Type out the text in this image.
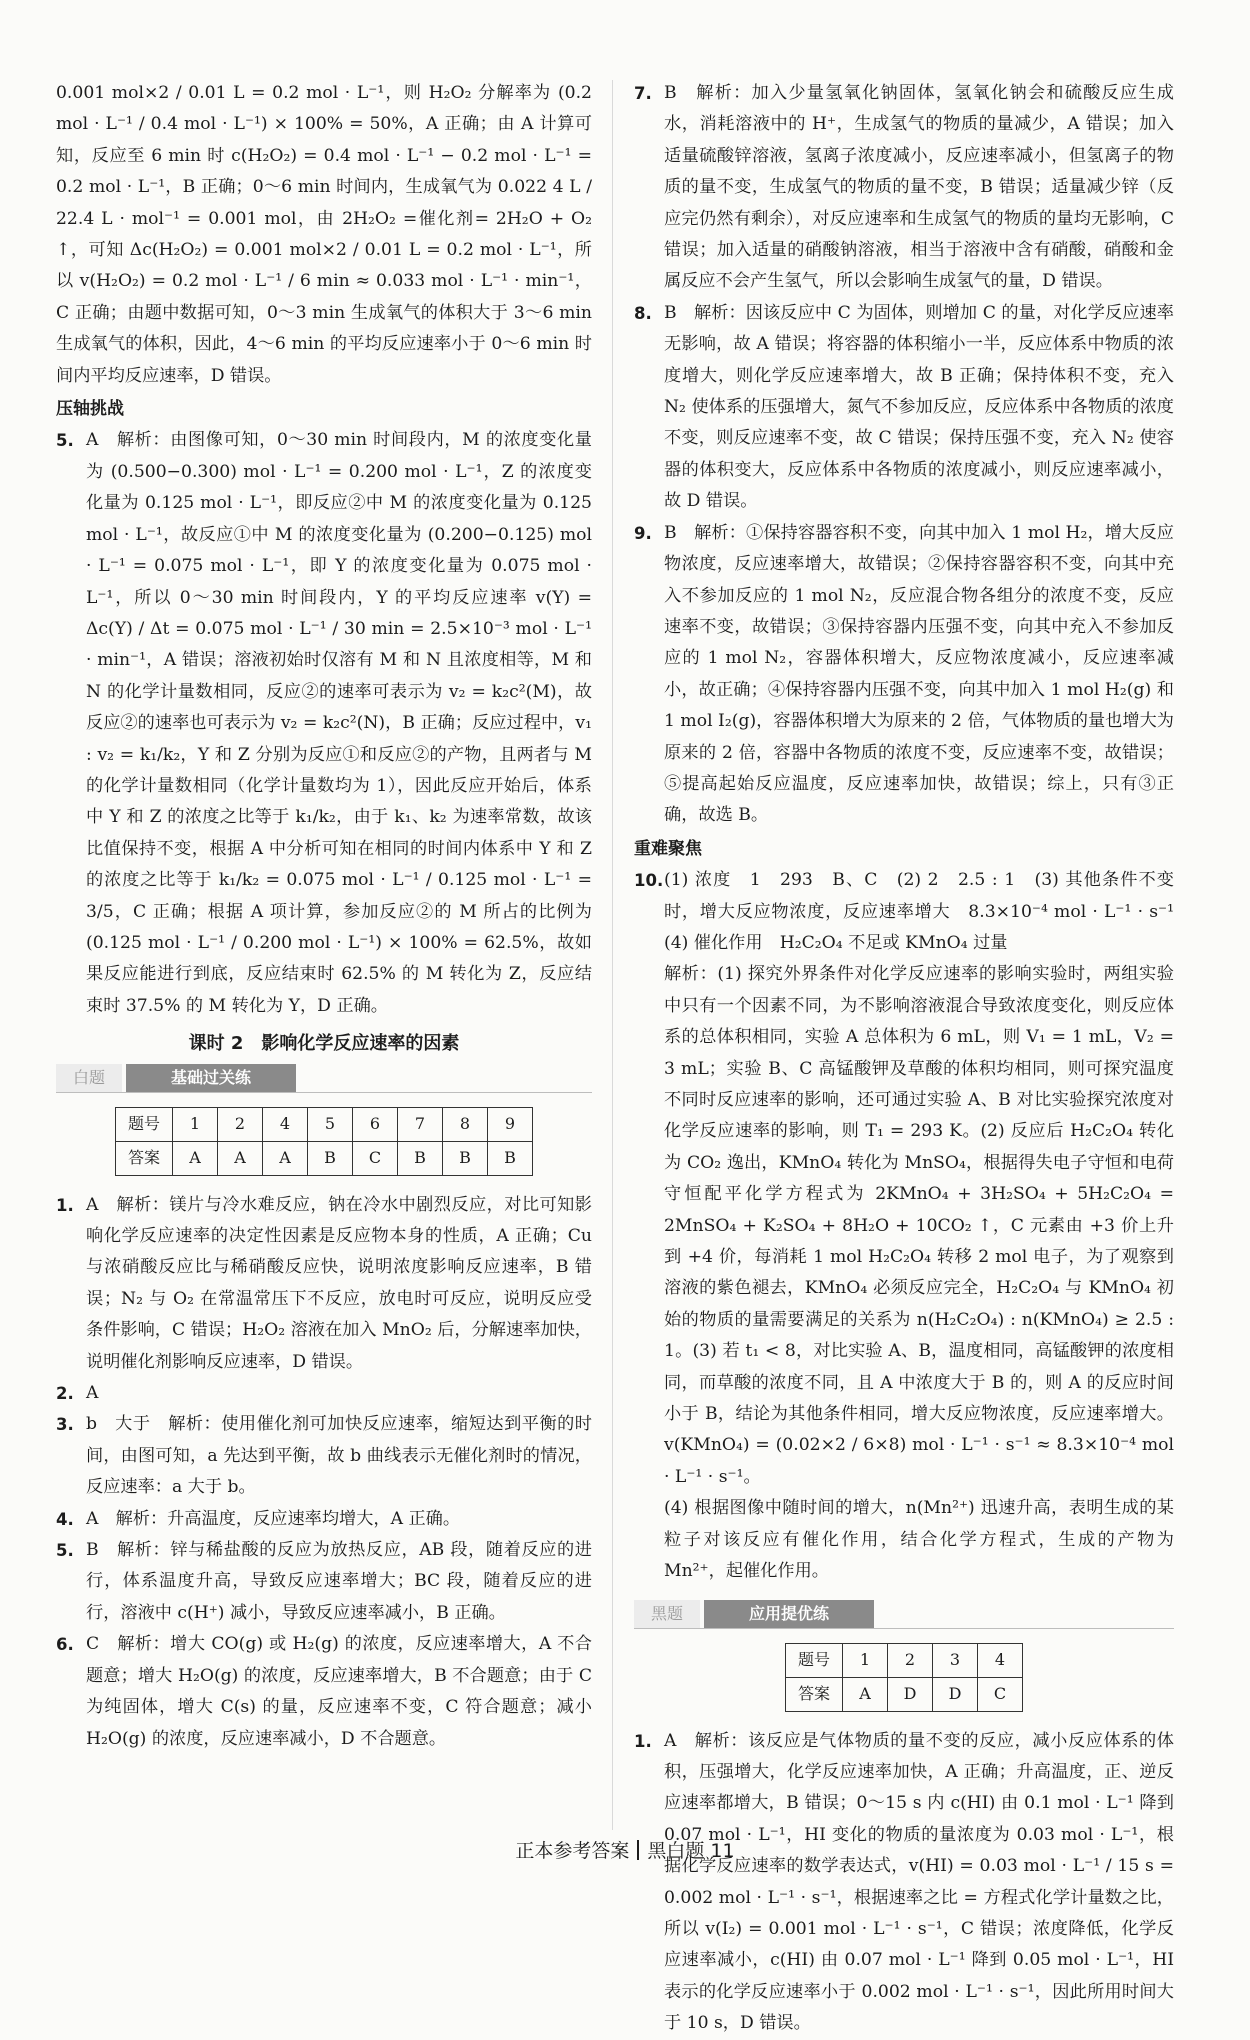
0.001 mol×2 / 0.01 L = 0.2 mol · L⁻¹，则 H₂O₂ 分解率为 (0.2 mol · L⁻¹ / 0.4 mol · L⁻¹) × 100% = 50%，A 正确；由 A 计算可知，反应至 6 min 时 c(H₂O₂) = 0.4 mol · L⁻¹ − 0.2 mol · L⁻¹ = 0.2 mol · L⁻¹，B 正确；0～6 min 时间内，生成氧气为 0.022 4 L / 22.4 L · mol⁻¹ = 0.001 mol，由 2H₂O₂ =催化剂= 2H₂O + O₂ ↑，可知 Δc(H₂O₂) = 0.001 mol×2 / 0.01 L = 0.2 mol · L⁻¹，所以 v(H₂O₂) = 0.2 mol · L⁻¹ / 6 min ≈ 0.033 mol · L⁻¹ · min⁻¹，C 正确；由题中数据可知，0～3 min 生成氧气的体积大于 3～6 min 生成氧气的体积，因此，4～6 min 的平均反应速率小于 0～6 min 时间内平均反应速率，D 错误。
压轴挑战
5. A　解析：由图像可知，0～30 min 时间段内，M 的浓度变化量为 (0.500−0.300) mol · L⁻¹ = 0.200 mol · L⁻¹，Z 的浓度变化量为 0.125 mol · L⁻¹，即反应②中 M 的浓度变化量为 0.125 mol · L⁻¹，故反应①中 M 的浓度变化量为 (0.200−0.125) mol · L⁻¹ = 0.075 mol · L⁻¹，即 Y 的浓度变化量为 0.075 mol · L⁻¹，所以 0～30 min 时间段内，Y 的平均反应速率 v(Y) = Δc(Y) / Δt = 0.075 mol · L⁻¹ / 30 min = 2.5×10⁻³ mol · L⁻¹ · min⁻¹，A 错误；溶液初始时仅溶有 M 和 N 且浓度相等，M 和 N 的化学计量数相同，反应②的速率可表示为 v₂ = k₂c²(M)，故反应②的速率也可表示为 v₂ = k₂c²(N)，B 正确；反应过程中，v₁ : v₂ = k₁/k₂，Y 和 Z 分别为反应①和反应②的产物，且两者与 M 的化学计量数相同（化学计量数均为 1），因此反应开始后，体系中 Y 和 Z 的浓度之比等于 k₁/k₂，由于 k₁、k₂ 为速率常数，故该比值保持不变，根据 A 中分析可知在相同的时间内体系中 Y 和 Z 的浓度之比等于 k₁/k₂ = 0.075 mol · L⁻¹ / 0.125 mol · L⁻¹ = 3/5，C 正确；根据 A 项计算，参加反应②的 M 所占的比例为 (0.125 mol · L⁻¹ / 0.200 mol · L⁻¹) × 100% = 62.5%，故如果反应能进行到底，反应结束时 62.5% 的 M 转化为 Z，反应结束时 37.5% 的 M 转化为 Y，D 正确。
课时 2　影响化学反应速率的因素
白题	基础过关练
题号	1	2	4	5	6	7	8	9
答案	A	A	A	B	C	B	B	B
1. A　解析：镁片与冷水难反应，钠在冷水中剧烈反应，对比可知影响化学反应速率的决定性因素是反应物本身的性质，A 正确；Cu 与浓硝酸反应比与稀硝酸反应快，说明浓度影响反应速率，B 错误；N₂ 与 O₂ 在常温常压下不反应，放电时可反应，说明反应受条件影响，C 错误；H₂O₂ 溶液在加入 MnO₂ 后，分解速率加快，说明催化剂影响反应速率，D 错误。
2. A
3. b　大于　解析：使用催化剂可加快反应速率，缩短达到平衡的时间，由图可知，a 先达到平衡，故 b 曲线表示无催化剂时的情况，反应速率：a 大于 b。
4. A　解析：升高温度，反应速率均增大，A 正确。
5. B　解析：锌与稀盐酸的反应为放热反应，AB 段，随着反应的进行，体系温度升高，导致反应速率增大；BC 段，随着反应的进行，溶液中 c(H⁺) 减小，导致反应速率减小，B 正确。
6. C　解析：增大 CO(g) 或 H₂(g) 的浓度，反应速率增大，A 不合题意；增大 H₂O(g) 的浓度，反应速率增大，B 不合题意；由于 C 为纯固体，增大 C(s) 的量，反应速率不变，C 符合题意；减小 H₂O(g) 的浓度，反应速率减小，D 不合题意。
7. B　解析：加入少量氢氧化钠固体，氢氧化钠会和硫酸反应生成水，消耗溶液中的 H⁺，生成氢气的物质的量减少，A 错误；加入适量硫酸锌溶液，氢离子浓度减小，反应速率减小，但氢离子的物质的量不变，生成氢气的物质的量不变，B 错误；适量减少锌（反应完仍然有剩余），对反应速率和生成氢气的物质的量均无影响，C 错误；加入适量的硝酸钠溶液，相当于溶液中含有硝酸，硝酸和金属反应不会产生氢气，所以会影响生成氢气的量，D 错误。
8. B　解析：因该反应中 C 为固体，则增加 C 的量，对化学反应速率无影响，故 A 错误；将容器的体积缩小一半，反应体系中物质的浓度增大，则化学反应速率增大，故 B 正确；保持体积不变，充入 N₂ 使体系的压强增大，氮气不参加反应，反应体系中各物质的浓度不变，则反应速率不变，故 C 错误；保持压强不变，充入 N₂ 使容器的体积变大，反应体系中各物质的浓度减小，则反应速率减小，故 D 错误。
9. B　解析：①保持容器容积不变，向其中加入 1 mol H₂，增大反应物浓度，反应速率增大，故错误；②保持容器容积不变，向其中充入不参加反应的 1 mol N₂，反应混合物各组分的浓度不变，反应速率不变，故错误；③保持容器内压强不变，向其中充入不参加反应的 1 mol N₂，容器体积增大，反应物浓度减小，反应速率减小，故正确；④保持容器内压强不变，向其中加入 1 mol H₂(g) 和 1 mol I₂(g)，容器体积增大为原来的 2 倍，气体物质的量也增大为原来的 2 倍，容器中各物质的浓度不变，反应速率不变，故错误；⑤提高起始反应温度，反应速率加快，故错误；综上，只有③正确，故选 B。
重难聚焦
10. (1) 浓度　1　293　B、C　(2) 2　2.5 : 1　(3) 其他条件不变时，增大反应物浓度，反应速率增大　8.3×10⁻⁴ mol · L⁻¹ · s⁻¹　(4) 催化作用　H₂C₂O₄ 不足或 KMnO₄ 过量
解析：(1) 探究外界条件对化学反应速率的影响实验时，两组实验中只有一个因素不同，为不影响溶液混合导致浓度变化，则反应体系的总体积相同，实验 A 总体积为 6 mL，则 V₁ = 1 mL，V₂ = 3 mL；实验 B、C 高锰酸钾及草酸的体积均相同，则可探究温度不同时反应速率的影响，还可通过实验 A、B 对比实验探究浓度对化学反应速率的影响，则 T₁ = 293 K。(2) 反应后 H₂C₂O₄ 转化为 CO₂ 逸出，KMnO₄ 转化为 MnSO₄，根据得失电子守恒和电荷守恒配平化学方程式为 2KMnO₄ + 3H₂SO₄ + 5H₂C₂O₄ = 2MnSO₄ + K₂SO₄ + 8H₂O + 10CO₂ ↑，C 元素由 +3 价上升到 +4 价，每消耗 1 mol H₂C₂O₄ 转移 2 mol 电子，为了观察到溶液的紫色褪去，KMnO₄ 必须反应完全，H₂C₂O₄ 与 KMnO₄ 初始的物质的量需要满足的关系为 n(H₂C₂O₄) : n(KMnO₄) ≥ 2.5 : 1。(3) 若 t₁ < 8，对比实验 A、B，温度相同，高锰酸钾的浓度相同，而草酸的浓度不同，且 A 中浓度大于 B 的，则 A 的反应时间小于 B，结论为其他条件相同，增大反应物浓度，反应速率增大。v(KMnO₄) = (0.02×2 / 6×8) mol · L⁻¹ · s⁻¹ ≈ 8.3×10⁻⁴ mol · L⁻¹ · s⁻¹。
(4) 根据图像中随时间的增大，n(Mn²⁺) 迅速升高，表明生成的某粒子对该反应有催化作用，结合化学方程式，生成的产物为 Mn²⁺，起催化作用。
黑题	应用提优练
题号	1	2	3	4
答案	A	D	D	C
1. A　解析：该反应是气体物质的量不变的反应，减小反应体系的体积，压强增大，化学反应速率加快，A 正确；升高温度，正、逆反应速率都增大，B 错误；0～15 s 内 c(HI) 由 0.1 mol · L⁻¹ 降到 0.07 mol · L⁻¹，HI 变化的物质的量浓度为 0.03 mol · L⁻¹，根据化学反应速率的数学表达式，v(HI) = 0.03 mol · L⁻¹ / 15 s = 0.002 mol · L⁻¹ · s⁻¹，根据速率之比 = 方程式化学计量数之比，所以 v(I₂) = 0.001 mol · L⁻¹ · s⁻¹，C 错误；浓度降低，化学反应速率减小，c(HI) 由 0.07 mol · L⁻¹ 降到 0.05 mol · L⁻¹，HI 表示的化学反应速率小于 0.002 mol · L⁻¹ · s⁻¹，因此所用时间大于 10 s，D 错误。
正本参考答案 黑白题 11
